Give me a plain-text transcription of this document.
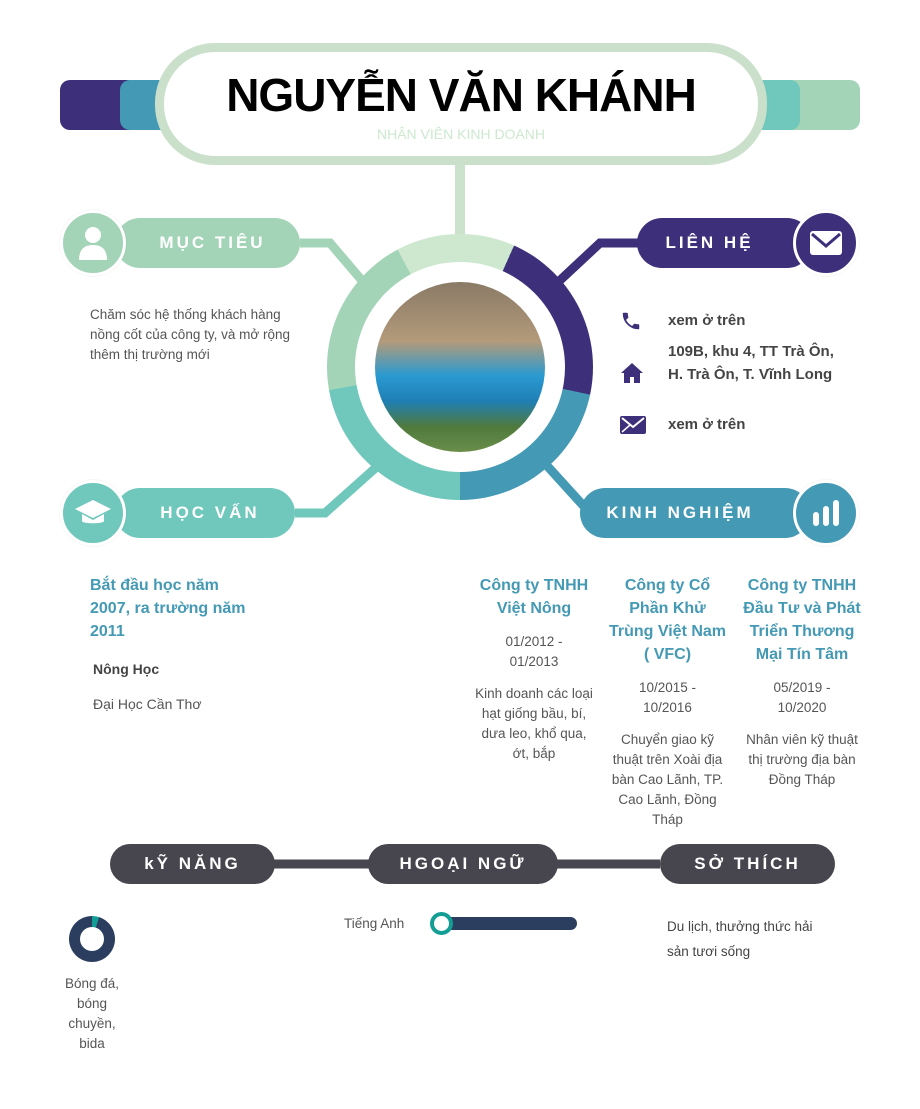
NGUYỄN VĂN KHÁNH
NHÂN VIÊN KINH DOANH
MỤC TIÊU
Chăm sóc hệ thống khách hàng nồng cốt của công ty, và mở rộng thêm thị trường mới
LIÊN HỆ
xem ở trên
109B, khu 4, TT Trà Ôn, H. Trà Ôn, T. Vĩnh Long
xem ở trên
HỌC VẤN
Bắt đầu học năm 2007, ra trường năm 2011
Nông Học
Đại Học Cần Thơ
KINH NGHIỆM
Công ty TNHH Việt Nông

01/2012 - 01/2013

Kinh doanh các loại hạt giống bầu, bí, dưa leo, khổ qua, ớt, bắp

Công ty Cổ Phần Khử Trùng Việt Nam ( VFC)

10/2015 - 10/2016

Chuyển giao kỹ thuật trên Xoài địa bàn Cao Lãnh, TP. Cao Lãnh, Đồng Tháp

Công ty TNHH Đầu Tư và Phát Triển Thương Mại Tín Tâm

05/2019 - 10/2020

Nhân viên kỹ thuật thị trường địa bàn Đồng Tháp

kỸ NĂNG	HGOẠI NGỮ	SỞ THÍCH
Bóng đá, bóng chuyền, bida
Tiếng Anh	Du lịch, thưởng thức hải sản tươi sống
